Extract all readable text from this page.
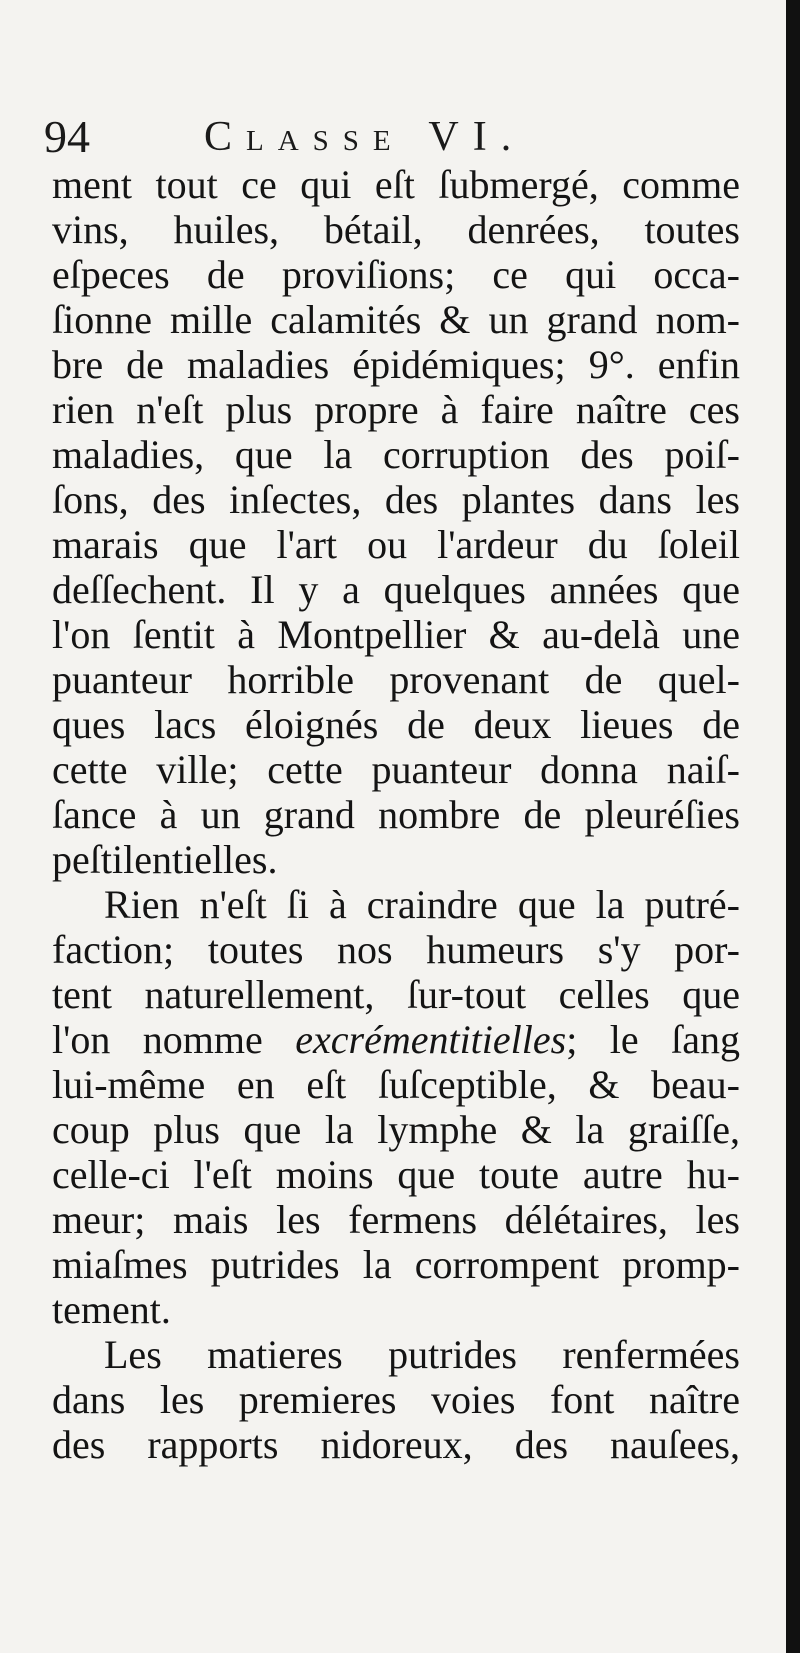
94	Classe VI.
ment tout ce qui eſt ſubmergé, comme
vins, huiles, bétail, denrées, toutes
eſpeces de proviſions; ce qui occa-
ſionne mille calamités & un grand nom-
bre de maladies épidémiques; 9°. enfin
rien n'eſt plus propre à faire naître ces
maladies, que la corruption des poiſ-
ſons, des inſectes, des plantes dans les
marais que l'art ou l'ardeur du ſoleil
deſſechent. Il y a quelques années que
l'on ſentit à Montpellier & au-delà une
puanteur horrible provenant de quel-
ques lacs éloignés de deux lieues de
cette ville; cette puanteur donna naiſ-
ſance à un grand nombre de pleuréſies
peſtilentielles.
Rien n'eſt ſi à craindre que la putré-
faction; toutes nos humeurs s'y por-
tent naturellement, ſur-tout celles que
l'on nomme excrémentitielles; le ſang
lui-même en eſt ſuſceptible, & beau-
coup plus que la lymphe & la graiſſe,
celle-ci l'eſt moins que toute autre hu-
meur; mais les fermens délétaires, les
miaſmes putrides la corrompent promp-
tement.
Les matieres putrides renfermées
dans les premieres voies font naître
des rapports nidoreux, des nauſees,
